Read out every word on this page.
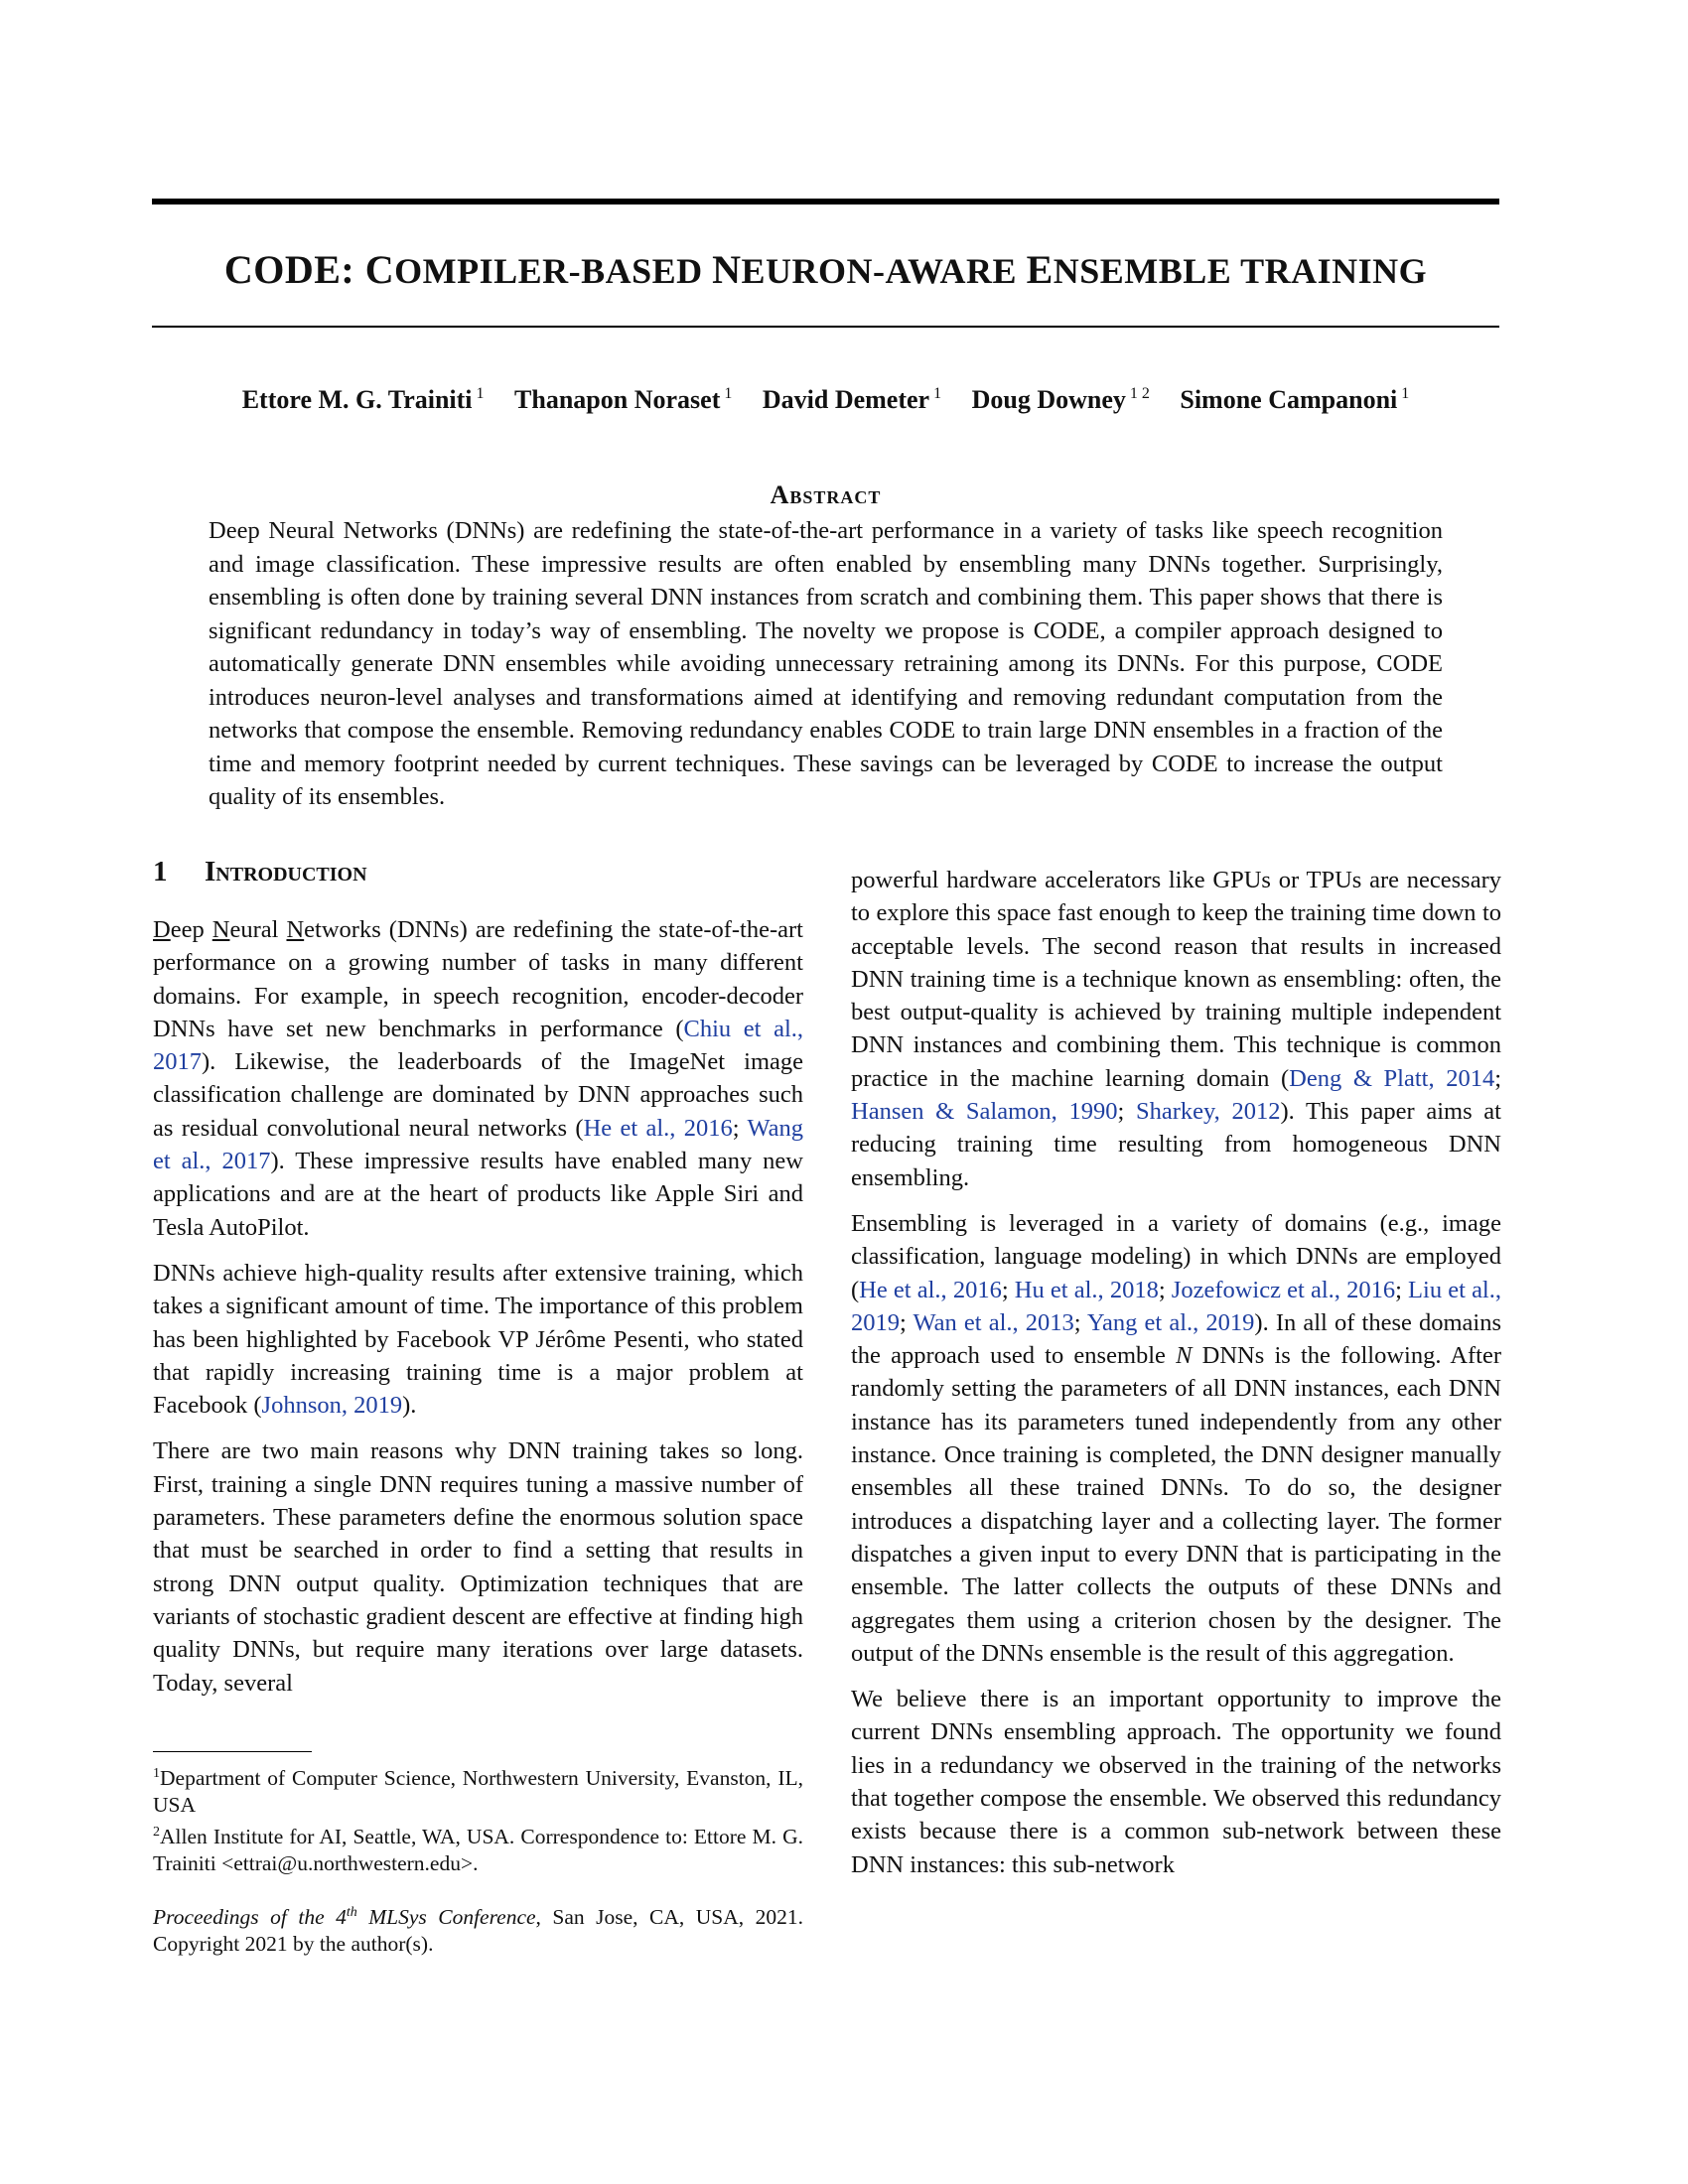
CODE: COMPILER-BASED NEURON-AWARE ENSEMBLE TRAINING
Ettore M. G. Trainiti $^1$ Thanapon Noraset $^1$ David Demeter $^1$ Doug Downey $^{1 2}$ Simone Campanoni $^1$
Abstract

Deep Neural Networks (DNNs) are redefining the state-of-the-art performance in a variety of tasks like speech recognition and image classification. These impressive results are often enabled by ensembling many DNNs together. Surprisingly, ensembling is often done by training several DNN instances from scratch and combining them. This paper shows that there is significant redundancy in today’s way of ensembling. The novelty we propose is CODE, a compiler approach designed to automatically generate DNN ensembles while avoiding unnecessary retraining among its DNNs. For this purpose, CODE introduces neuron-level analyses and transformations aimed at identifying and removing redundant computation from the networks that compose the ensemble. Removing redundancy enables CODE to train large DNN ensembles in a fraction of the time and memory footprint needed by current techniques. These savings can be leveraged by CODE to increase the output quality of its ensembles.

1 Introduction

Deep Neural Networks (DNNs) are redefining the state-of-the-art performance on a growing number of tasks in many different domains. For example, in speech recognition, encoder-decoder DNNs have set new benchmarks in performance (Chiu et al., 2017). Likewise, the leaderboards of the ImageNet image classification challenge are dominated by DNN approaches such as residual convolutional neural networks (He et al., 2016; Wang et al., 2017). These impressive results have enabled many new applications and are at the heart of products like Apple Siri and Tesla AutoPilot.

DNNs achieve high-quality results after extensive training, which takes a significant amount of time. The importance of this problem has been highlighted by Facebook VP Jérôme Pesenti, who stated that rapidly increasing training time is a major problem at Facebook (Johnson, 2019).

There are two main reasons why DNN training takes so long. First, training a single DNN requires tuning a massive number of parameters. These parameters define the enormous solution space that must be searched in order to find a setting that results in strong DNN output quality. Optimization techniques that are variants of stochastic gradient descent are effective at finding high quality DNNs, but require many iterations over large datasets. Today, several

$^1$Department of Computer Science, Northwestern University, Evanston, IL, USA

$^2$Allen Institute for AI, Seattle, WA, USA. Correspondence to: Ettore M. G. Trainiti <ettrai@u.northwestern.edu>.

Proceedings of the 4th MLSys Conference, San Jose, CA, USA, 2021. Copyright 2021 by the author(s).

powerful hardware accelerators like GPUs or TPUs are necessary to explore this space fast enough to keep the training time down to acceptable levels. The second reason that results in increased DNN training time is a technique known as ensembling: often, the best output-quality is achieved by training multiple independent DNN instances and combining them. This technique is common practice in the machine learning domain (Deng & Platt, 2014; Hansen & Salamon, 1990; Sharkey, 2012). This paper aims at reducing training time resulting from homogeneous DNN ensembling.

Ensembling is leveraged in a variety of domains (e.g., image classification, language modeling) in which DNNs are employed (He et al., 2016; Hu et al., 2018; Jozefowicz et al., 2016; Liu et al., 2019; Wan et al., 2013; Yang et al., 2019). In all of these domains the approach used to ensemble N DNNs is the following. After randomly setting the parameters of all DNN instances, each DNN instance has its parameters tuned independently from any other instance. Once training is completed, the DNN designer manually ensembles all these trained DNNs. To do so, the designer introduces a dispatching layer and a collecting layer. The former dispatches a given input to every DNN that is participating in the ensemble. The latter collects the outputs of these DNNs and aggregates them using a criterion chosen by the designer. The output of the DNNs ensemble is the result of this aggregation.

We believe there is an important opportunity to improve the current DNNs ensembling approach. The opportunity we found lies in a redundancy we observed in the training of the networks that together compose the ensemble. We observed this redundancy exists because there is a common sub-network between these DNN instances: this sub-network
